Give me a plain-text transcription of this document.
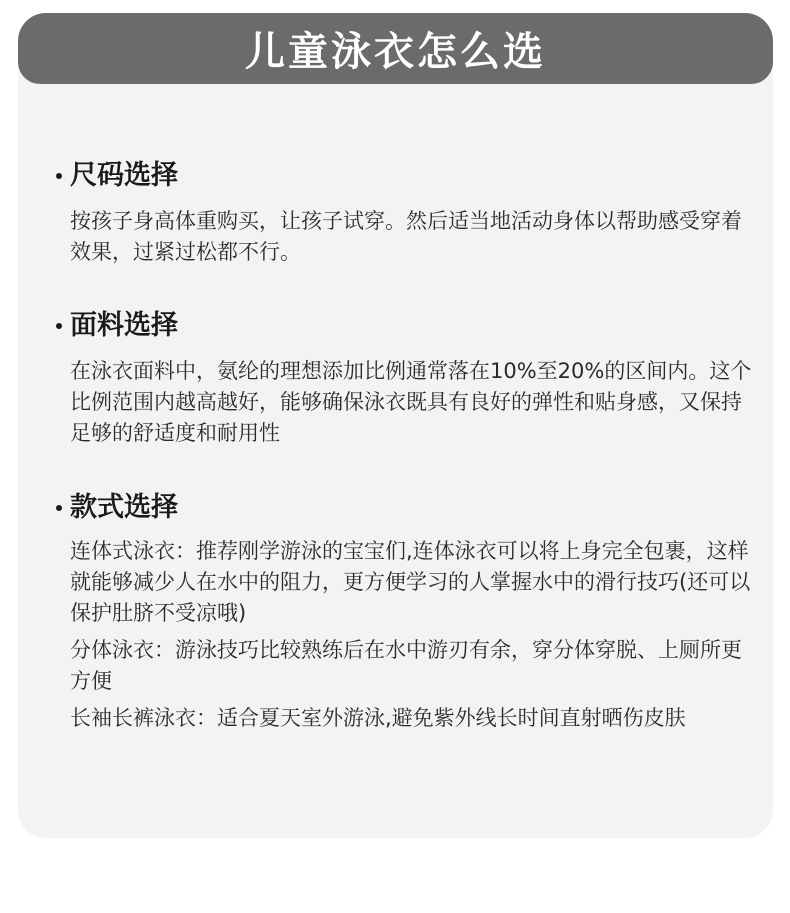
儿童泳衣怎么选
尺码选择

按孩子身高体重购买，让孩子试穿。然后适当地活动身体以帮助感受穿着效果，过紧过松都不行。

面料选择

在泳衣面料中，氨纶的理想添加比例通常落在10%至20%的区间内。这个比例范围内越高越好，能够确保泳衣既具有良好的弹性和贴身感，又保持足够的舒适度和耐用性

款式选择

连体式泳衣：推荐刚学游泳的宝宝们,连体泳衣可以将上身完全包裹，这样就能够减少人在水中的阻力，更方便学习的人掌握水中的滑行技巧(还可以保护肚脐不受凉哦)

分体泳衣：游泳技巧比较熟练后在水中游刃有余，穿分体穿脱、上厕所更方便

长袖长裤泳衣：适合夏天室外游泳,避免紫外线长时间直射晒伤皮肤
